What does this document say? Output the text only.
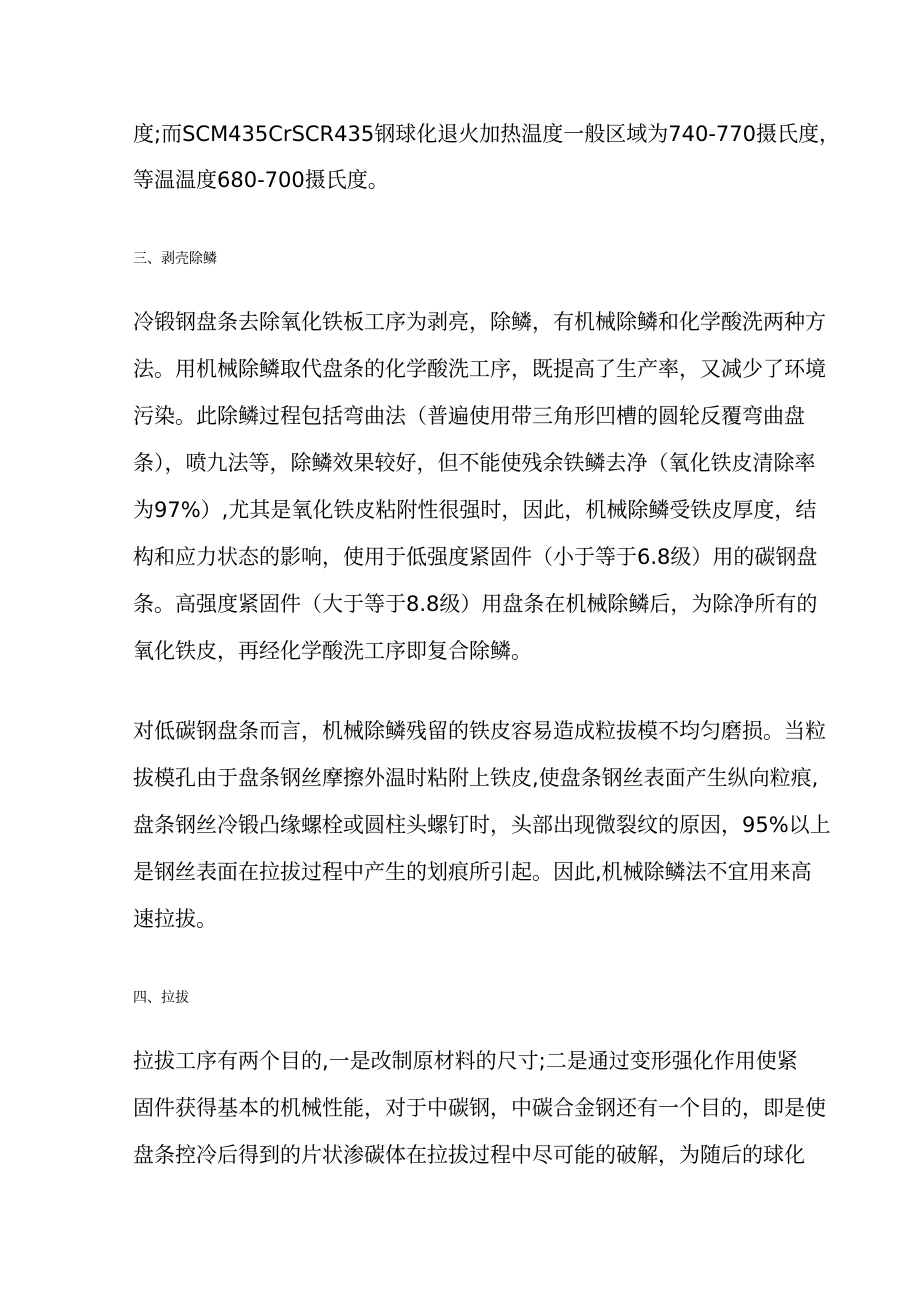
度;而SCM435CrSCR435钢球化退火加热温度一般区域为740-770摄氏度，
等温温度680-700摄氏度。
三、剥壳除鳞
冷锻钢盘条去除氧化铁板工序为剥亮，除鳞，有机械除鳞和化学酸洗两种方
法。用机械除鳞取代盘条的化学酸洗工序，既提高了生产率，又减少了环境
污染。此除鳞过程包括弯曲法（普遍使用带三角形凹槽的圆轮反覆弯曲盘
条），喷九法等，除鳞效果较好，但不能使残余铁鳞去净（氧化铁皮清除率
为97%）,尤其是氧化铁皮粘附性很强时，因此，机械除鳞受铁皮厚度，结
构和应力状态的影响，使用于低强度紧固件（小于等于6.8级）用的碳钢盘
条。高强度紧固件（大于等于8.8级）用盘条在机械除鳞后，为除净所有的
氧化铁皮，再经化学酸洗工序即复合除鳞。
对低碳钢盘条而言，机械除鳞残留的铁皮容易造成粒拔模不均匀磨损。当粒
拔模孔由于盘条钢丝摩擦外温时粘附上铁皮,使盘条钢丝表面产生纵向粒痕,
盘条钢丝冷锻凸缘螺栓或圆柱头螺钉时，头部出现微裂纹的原因，95%以上
是钢丝表面在拉拔过程中产生的划痕所引起。因此,机械除鳞法不宜用来高
速拉拔。
四、拉拔
拉拔工序有两个目的,一是改制原材料的尺寸;二是通过变形强化作用使紧
固件获得基本的机械性能，对于中碳钢，中碳合金钢还有一个目的，即是使
盘条控冷后得到的片状渗碳体在拉拔过程中尽可能的破解，为随后的球化
